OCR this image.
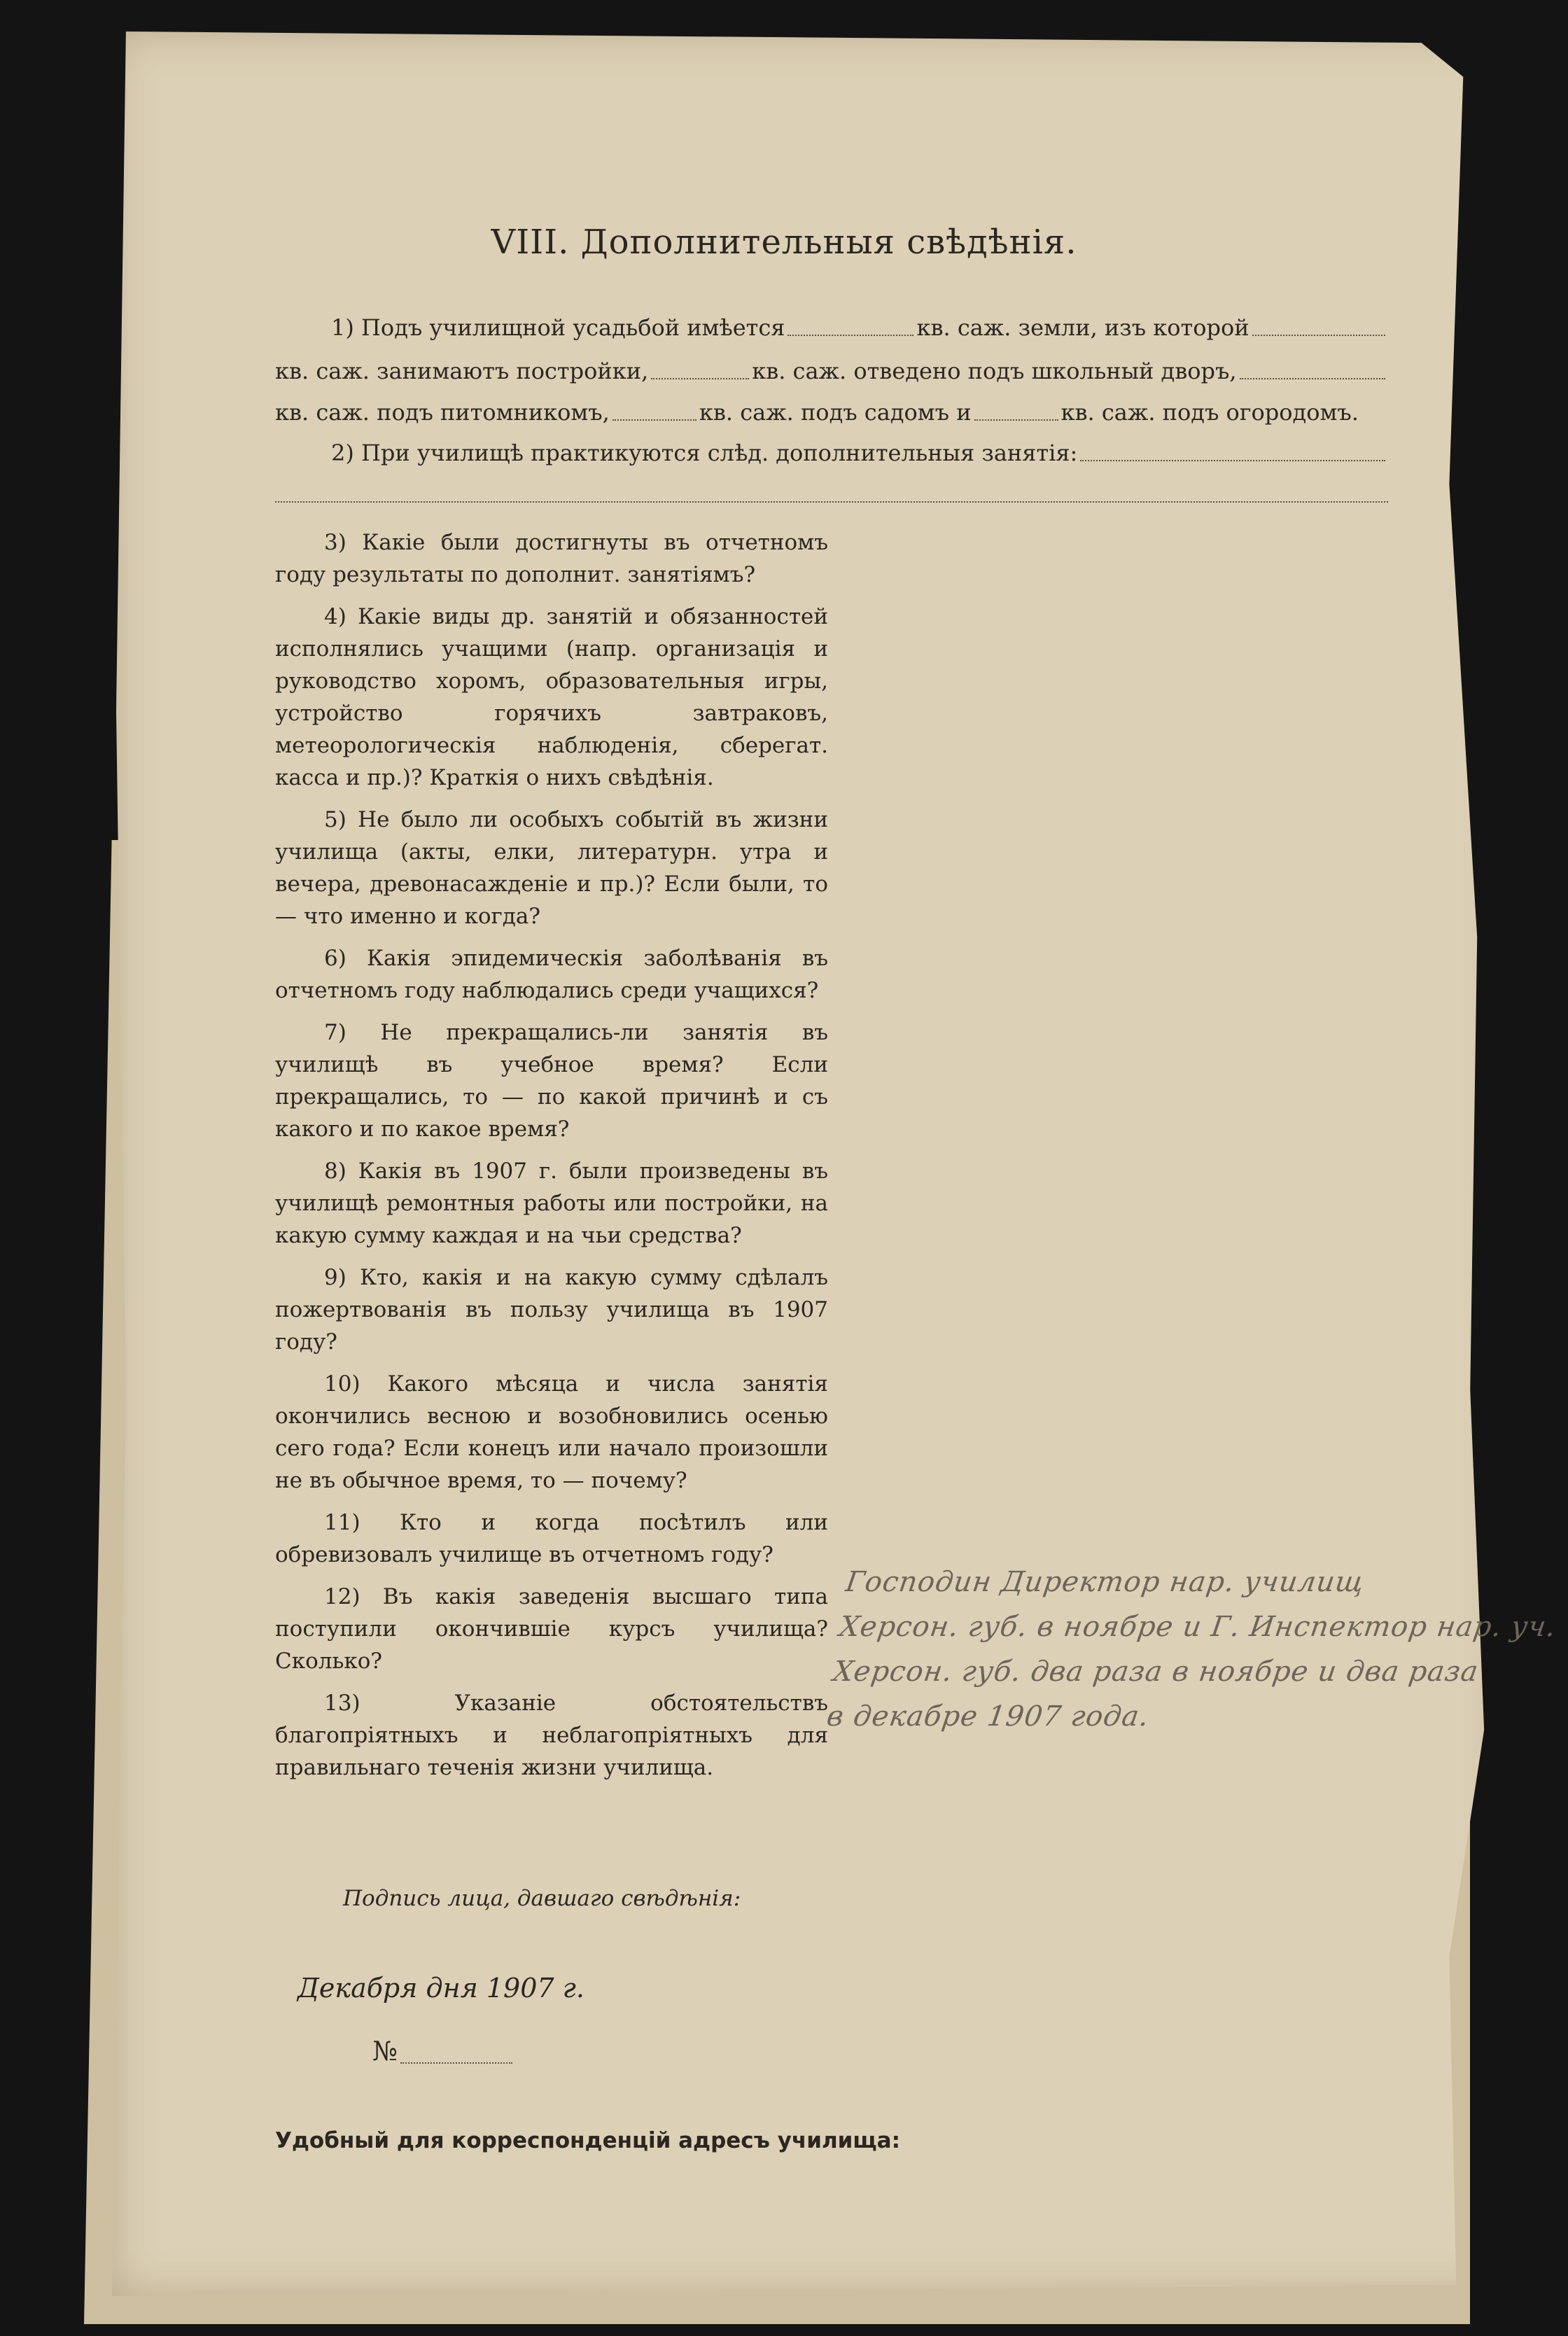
VIII. Дополнительныя свѣдѣнія.
1) Подъ училищной усадьбой имѣется	кв. саж. земли, изъ которой
кв. саж. занимаютъ постройки,	кв. саж. отведено подъ школьный дворъ,
кв. саж. подъ питомникомъ,	кв. саж. подъ садомъ и	кв. саж. подъ огородомъ.
2) При училищѣ практикуются слѣд. дополнительныя занятія:

3) Какіе были достигнуты въ отчетномъ году результаты по дополнит. занятіямъ?

4) Какіе виды др. занятій и обязанностей исполнялись учащими (напр. организація и руководство хоромъ, образовательныя игры, устройство горячихъ завтраковъ, метеорологическія наблюденія, сберегат. касса и пр.)? Краткія о нихъ свѣдѣнія.

5) Не было ли особыхъ событій въ жизни училища (акты, елки, литературн. утра и вечера, древонасажденіе и пр.)? Если были, то — что именно и когда?

6) Какія эпидемическія заболѣванія въ отчетномъ году наблюдались среди учащихся?

7) Не прекращались-ли занятія въ училищѣ въ учебное время? Если прекращались, то — по какой причинѣ и съ какого и по какое время?

8) Какія въ 1907 г. были произведены въ училищѣ ремонтныя работы или постройки, на какую сумму каждая и на чьи средства?

9) Кто, какія и на какую сумму сдѣлалъ пожертвованія въ пользу училища въ 1907 году?

10) Какого мѣсяца и числа занятія окончились весною и возобновились осенью сего года? Если конецъ или начало произошли не въ обычное время, то — почему?

11) Кто и когда посѣтилъ или обревизовалъ училище въ отчетномъ году?

12) Въ какія заведенія высшаго типа поступили окончившіе курсъ училища? Сколько?

13) Указаніе обстоятельствъ благопріятныхъ и неблагопріятныхъ для правильнаго теченія жизни училища.

Господин Директор нар. училищ
Херсон. губ. в ноябре и Г. Инспектор нар. уч.
Херсон. губ. два раза в ноябре и два раза
в декабре 1907 года.
Подпись лица, давшаго свѣдѣнія:
Декабря дня 1907 г.
№
Удобный для корреспонденцій адресъ училища:
